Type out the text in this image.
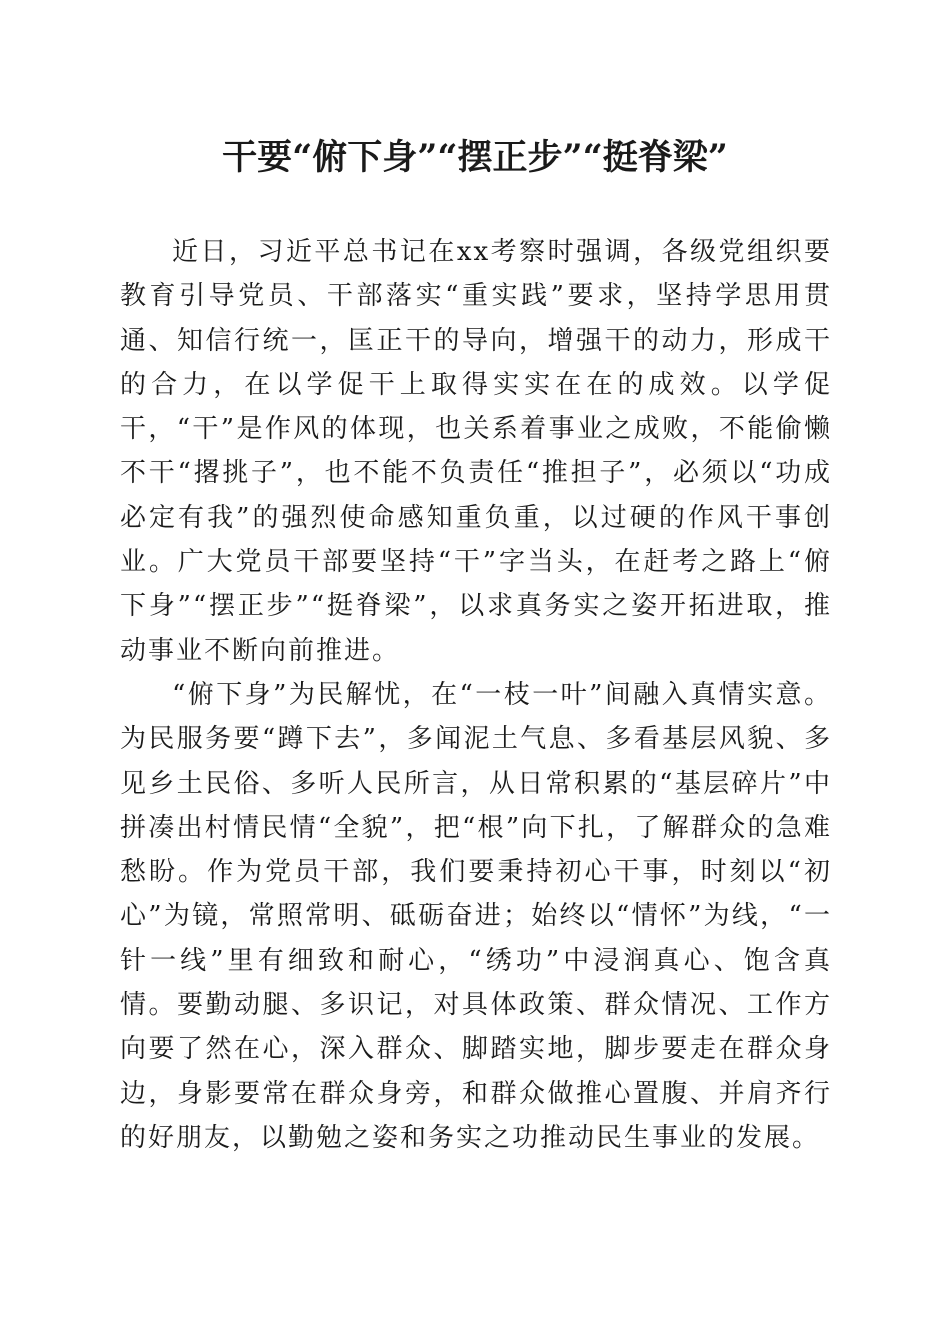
干要“俯下身”“摆正步”“挺脊梁”

近日，习近平总书记在xx考察时强调，各级党组织要教育引导党员、干部落实“重实践”要求，坚持学思用贯通、知信行统一，匡正干的导向，增强干的动力，形成干的合力，在以学促干上取得实实在在的成效。以学促干，“干”是作风的体现，也关系着事业之成败，不能偷懒不干“撂挑子”，也不能不负责任“推担子”，必须以“功成必定有我”的强烈使命感知重负重，以过硬的作风干事创业。广大党员干部要坚持“干”字当头，在赶考之路上“俯下身”“摆正步”“挺脊梁”，以求真务实之姿开拓进取，推动事业不断向前推进。

“俯下身”为民解忧，在“一枝一叶”间融入真情实意。为民服务要“蹲下去”，多闻泥土气息、多看基层风貌、多见乡土民俗、多听人民所言，从日常积累的“基层碎片”中拼凑出村情民情“全貌”，把“根”向下扎，了解群众的急难愁盼。作为党员干部，我们要秉持初心干事，时刻以“初心”为镜，常照常明、砥砺奋进；始终以“情怀”为线，“一针一线”里有细致和耐心，“绣功”中浸润真心、饱含真情。要勤动腿、多识记，对具体政策、群众情况、工作方向要了然在心，深入群众、脚踏实地，脚步要走在群众身边，身影要常在群众身旁，和群众做推心置腹、并肩齐行的好朋友，以勤勉之姿和务实之功推动民生事业的发展。
